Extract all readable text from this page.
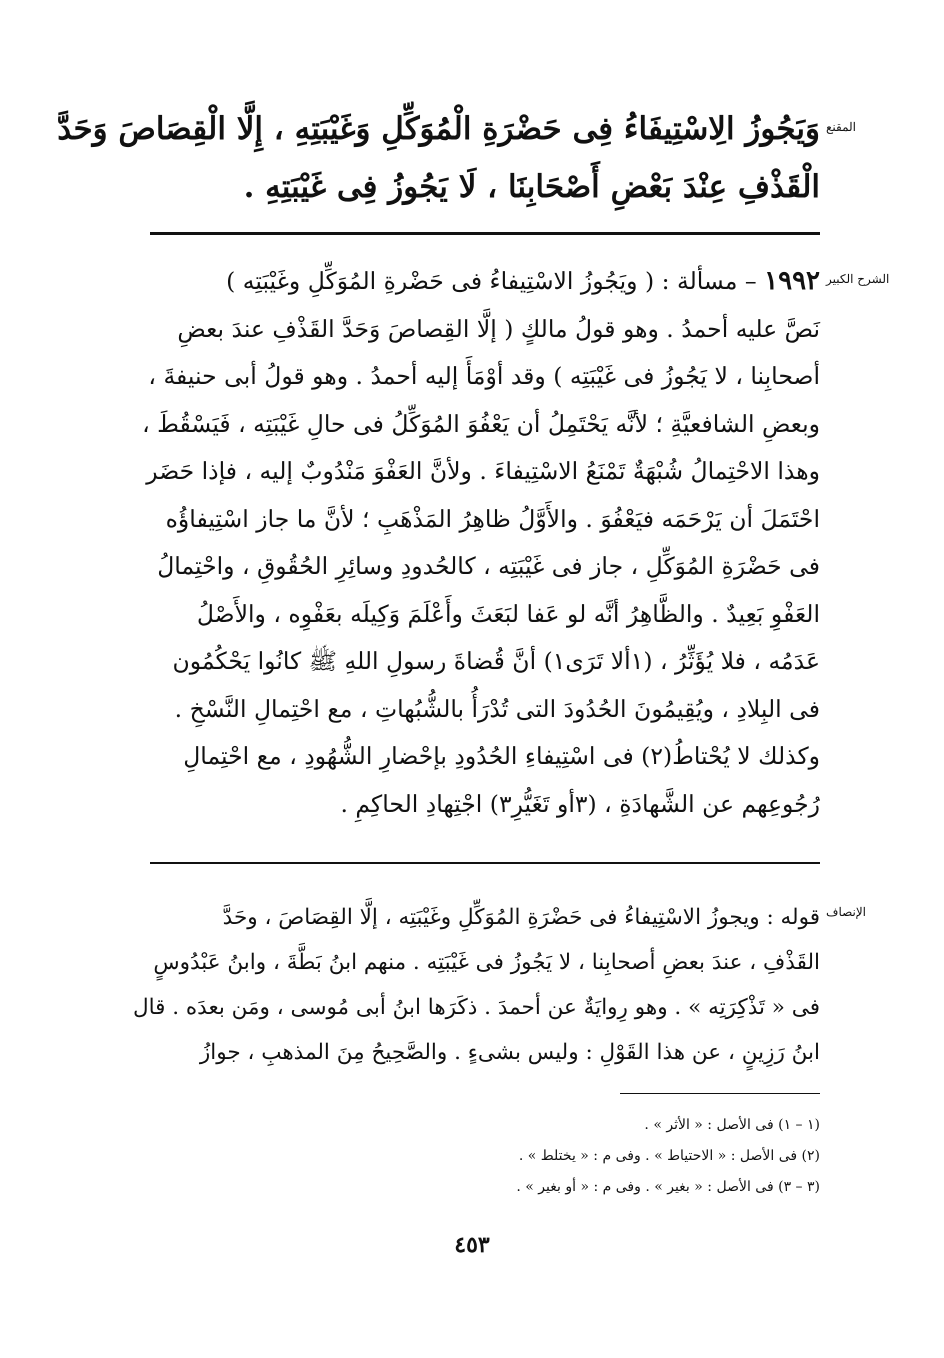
المقنع
وَيَجُوزُ الِاسْتِيفَاءُ فِى حَضْرَةِ الْمُوَكِّلِ وَغَيْبَتِهِ ، إِلَّا الْقِصَاصَ وَحَدَّ
الْقَذْفِ عِنْدَ بَعْضِ أَصْحَابِنَا ، لَا يَجُوزُ فِى غَيْبَتِهِ .
الشرح الكبير
١٩٩٢ – مسألة : ( ويَجُوزُ الاسْتِيفاءُ فى حَضْرةِ المُوَكِّلِ وغَيْبَتِه )
نَصَّ عليه أحمدُ . وهو قولُ مالكٍ ( إلَّا القِصاصَ وَحَدَّ القَذْفِ عندَ بعضِ
أصحابِنا ، لا يَجُوزُ فى غَيْبَتِه ) وقد أوْمَأَ إليه أحمدُ . وهو قولُ أبى حنيفةَ ،
وبعضِ الشافعيَّةِ ؛ لأنَّه يَحْتَمِلُ أن يَعْفُوَ المُوَكِّلُ فى حالِ غَيْبَتِه ، فَيَسْقُطَ ،
وهذا الاحْتِمالُ شُبْهَةٌ تَمْنَعُ الاسْتِيفاءَ . ولأنَّ العَفْوَ مَنْدُوبٌ إليه ، فإذا حَضَر
احْتَمَلَ أن يَرْحَمَه فيَعْفُوَ . والأَوَّلُ ظاهِرُ المَذْهَبِ ؛ لأنَّ ما جاز اسْتِيفاؤُه
فى حَضْرَةِ المُوَكِّلِ ، جاز فى غَيْبَتِه ، كالحُدودِ وسائِرِ الحُقُوقِ ، واحْتِمالُ
العَفْوِ بَعِيدٌ . والظَّاهِرُ أنَّه لو عَفا لبَعَثَ وأَعْلَمَ وَكِيلَه بعَفْوِه ، والأَصْلُ
عَدَمُه ، فلا يُؤَثِّرُ ، (١ألا تَرَى١) أنَّ قُضاةَ رسولِ اللهِ ﷺ كانُوا يَحْكُمُون
فى البِلادِ ، ويُقِيمُونَ الحُدُودَ التى تُدْرَأُ بالشُّبُهاتِ ، مع احْتِمالِ النَّسْخِ .
وكذلك لا يُحْتاطُ(٢) فى اسْتِيفاءِ الحُدُودِ بإحْضارِ الشُّهُودِ ، مع احْتِمالِ
رُجُوعِهم عن الشَّهادَةِ ، (٣أو تَغَيُّرِ٣) اجْتِهادِ الحاكِمِ .
الإنصاف
قوله : ويجوزُ الاسْتِيفاءُ فى حَضْرَةِ المُوَكِّلِ وغَيْبَتِه ، إلَّا القِصَاصَ ، وحَدَّ
القَذْفِ ، عندَ بعضِ أصحابِنا ، لا يَجُوزُ فى غَيْبَتِه . منهم ابنُ بَطَّةَ ، وابنُ عَبْدُوسٍ
فى « تَذْكِرَتِه » . وهو رِوايَةٌ عن أحمدَ . ذكَرَها ابنُ أبى مُوسى ، ومَن بعدَه . قال
ابنُ رَزِينٍ ، عن هذا القَوْلِ : وليس بشىءٍ . والصَّحِيحُ مِنَ المذهبِ ، جوازُ
(١ – ١) فى الأصل : « الأثر » .
(٢) فى الأصل : « الاحتياط » . وفى م : « يختلط » .
(٣ – ٣) فى الأصل : « بغير » . وفى م : « أو بغير » .
٤٥٣
